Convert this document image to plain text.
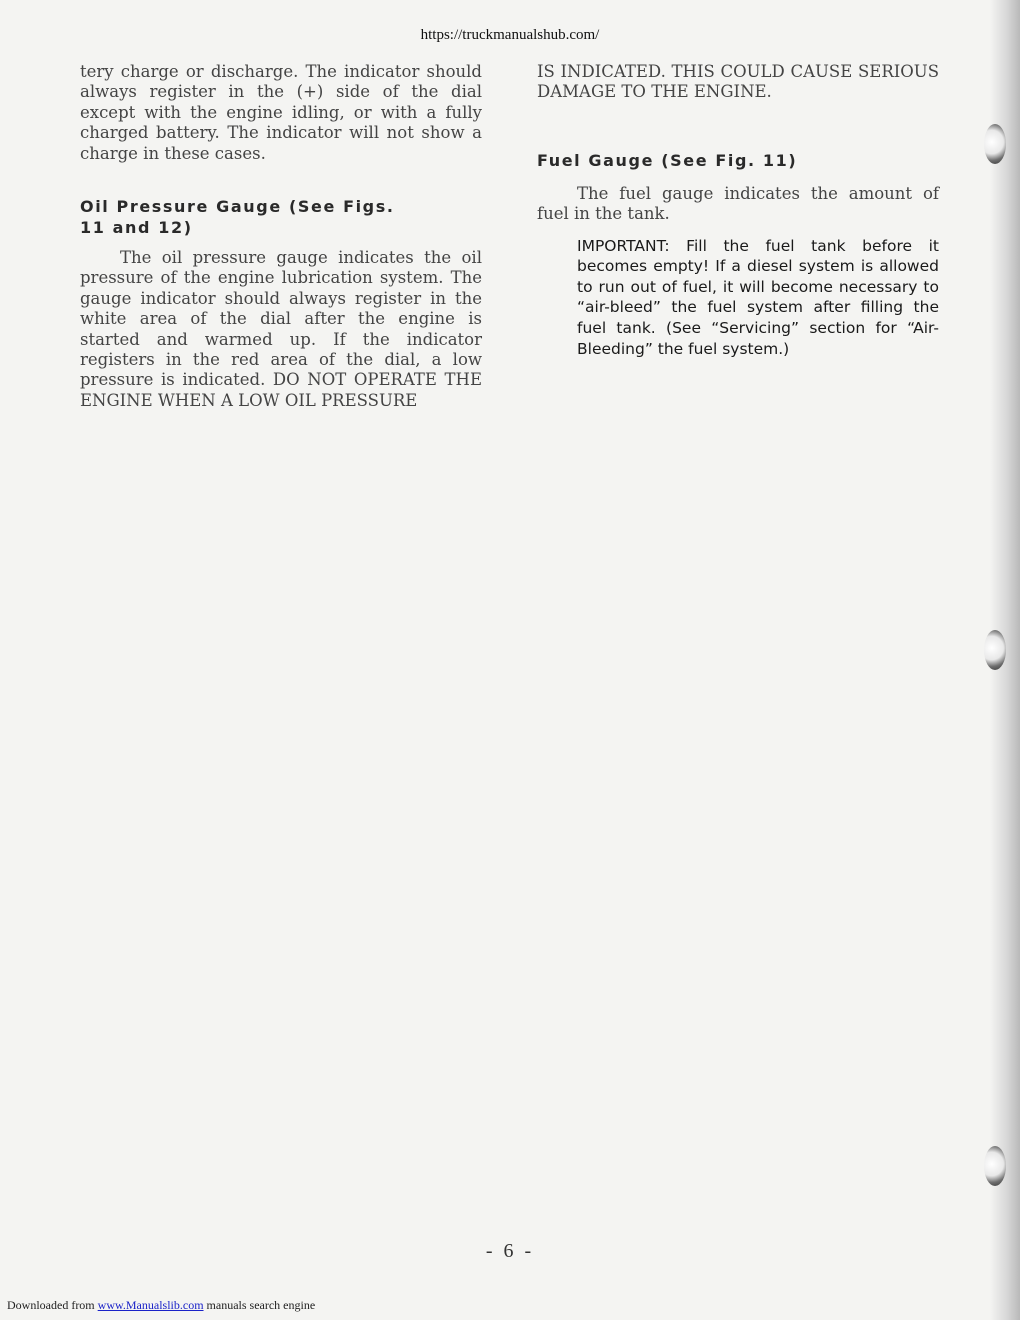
https://truckmanualshub.com/

tery charge or discharge. The indicator should always register in the (+) side of the dial except with the engine idling, or with a fully charged battery. The indicator will not show a charge in these cases.

Oil Pressure Gauge (See Figs.
11 and 12)

The oil pressure gauge indicates the oil pressure of the engine lubrication system. The gauge indicator should always register in the white area of the dial after the engine is started and warmed up. If the indicator registers in the red area of the dial, a low pressure is indicated. DO NOT OPERATE THE ENGINE WHEN A LOW OIL PRESSURE

IS INDICATED. THIS COULD CAUSE SERIOUS DAMAGE TO THE ENGINE.

Fuel Gauge (See Fig. 11)

The fuel gauge indicates the amount of fuel in the tank.

IMPORTANT: Fill the fuel tank before it becomes empty! If a diesel system is allowed to run out of fuel, it will become necessary to “air-bleed” the fuel system after filling the fuel tank. (See “Servicing” section for “Air-Bleeding” the fuel system.)

- 6 -
Downloaded from www.Manualslib.com manuals search engine
